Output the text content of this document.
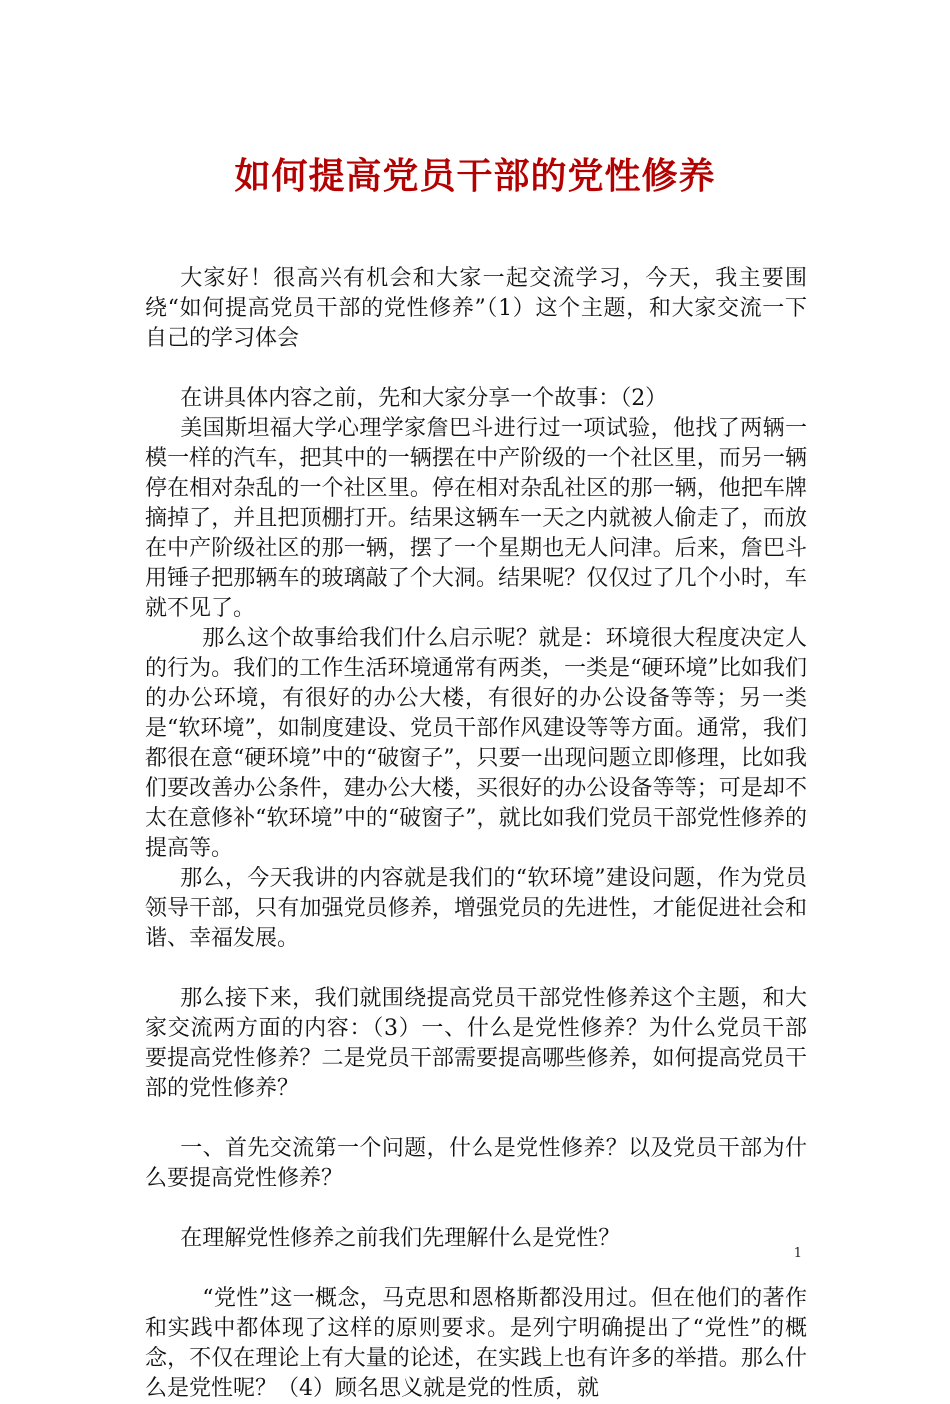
如何提高党员干部的党性修养

大家好！很高兴有机会和大家一起交流学习，今天，我主要围绕“如何提高党员干部的党性修养”（1）这个主题，和大家交流一下自己的学习体会

在讲具体内容之前，先和大家分享一个故事：（2）

美国斯坦福大学心理学家詹巴斗进行过一项试验，他找了两辆一模一样的汽车，把其中的一辆摆在中产阶级的一个社区里，而另一辆停在相对杂乱的一个社区里。停在相对杂乱社区的那一辆，他把车牌摘掉了，并且把顶棚打开。结果这辆车一天之内就被人偷走了，而放在中产阶级社区的那一辆，摆了一个星期也无人问津。后来，詹巴斗用锤子把那辆车的玻璃敲了个大洞。结果呢？仅仅过了几个小时，车就不见了。

那么这个故事给我们什么启示呢？就是：环境很大程度决定人的行为。我们的工作生活环境通常有两类，一类是“硬环境”比如我们的办公环境，有很好的办公大楼，有很好的办公设备等等；另一类是“软环境”，如制度建设、党员干部作风建设等等方面。通常，我们都很在意“硬环境”中的“破窗子”，只要一出现问题立即修理，比如我们要改善办公条件，建办公大楼，买很好的办公设备等等；可是却不太在意修补“软环境”中的“破窗子”，就比如我们党员干部党性修养的提高等。

那么，今天我讲的内容就是我们的“软环境”建设问题，作为党员领导干部，只有加强党员修养，增强党员的先进性，才能促进社会和谐、幸福发展。

那么接下来，我们就围绕提高党员干部党性修养这个主题，和大家交流两方面的内容：（3）一、什么是党性修养？为什么党员干部要提高党性修养？二是党员干部需要提高哪些修养，如何提高党员干部的党性修养？

一、首先交流第一个问题，什么是党性修养？以及党员干部为什么要提高党性修养？

在理解党性修养之前我们先理解什么是党性？

“党性”这一概念，马克思和恩格斯都没用过。但在他们的著作和实践中都体现了这样的原则要求。是列宁明确提出了“党性”的概念，不仅在理论上有大量的论述，在实践上也有许多的举措。那么什么是党性呢？（4）顾名思义就是党的性质，就

1
